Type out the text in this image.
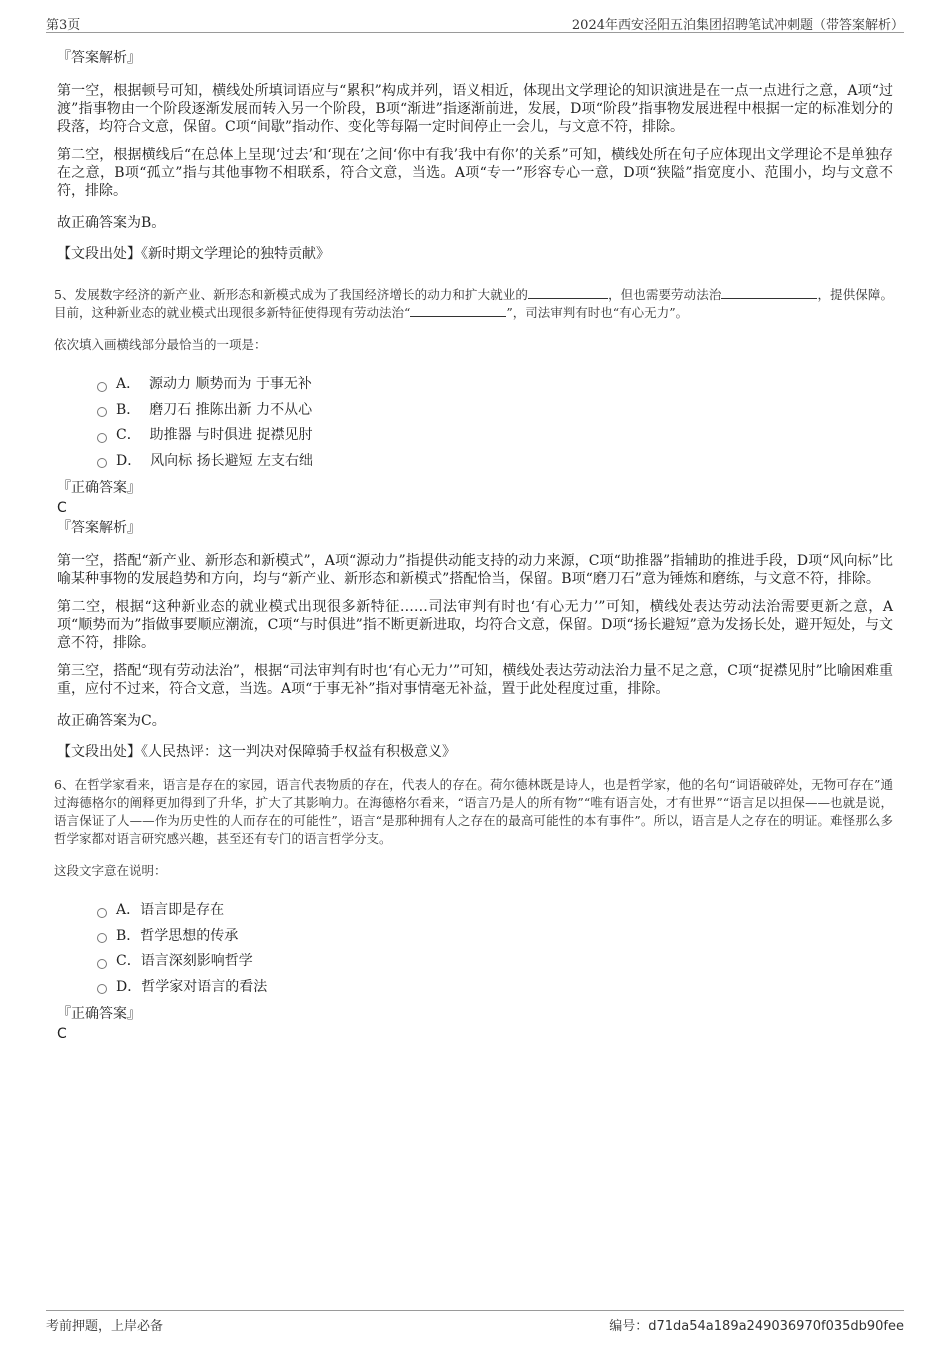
第3页	2024年西安泾阳五泊集团招聘笔试冲刺题（带答案解析）
『答案解析』

第一空，根据顿号可知，横线处所填词语应与“累积”构成并列，语义相近，体现出文学理论的知识演进是在一点一点进行之意，A项“过渡”指事物由一个阶段逐渐发展而转入另一个阶段，B项“渐进”指逐渐前进，发展，D项“阶段”指事物发展进程中根据一定的标准划分的段落，均符合文意，保留。C项“间歇”指动作、变化等每隔一定时间停止一会儿，与文意不符，排除。

第二空，根据横线后“在总体上呈现‘过去’和‘现在’之间‘你中有我’我中有你’的关系”可知，横线处所在句子应体现出文学理论不是单独存在之意，B项“孤立”指与其他事物不相联系，符合文意，当选。A项“专一”形容专心一意，D项“狭隘”指宽度小、范围小，均与文意不符，排除。

故正确答案为B。

【文段出处】《新时期文学理论的独特贡献》

5、发展数字经济的新产业、新形态和新模式成为了我国经济增长的动力和扩大就业的	，但也需要劳动法治	，提供保障。目前，这种新业态的就业模式出现很多新特征使得现有劳动法治“	”，司法审判有时也“有心无力”。

依次填入画横线部分最恰当的一项是：

A．  源动力 顺势而为 于事无补
B．  磨刀石 推陈出新 力不从心
C．  助推器 与时俱进 捉襟见肘
D．  风向标 扬长避短 左支右绌
『正确答案』
C
『答案解析』

第一空，搭配“新产业、新形态和新模式”，A项“源动力”指提供动能支持的动力来源，C项“助推器”指辅助的推进手段，D项“风向标”比喻某种事物的发展趋势和方向，均与“新产业、新形态和新模式”搭配恰当，保留。B项“磨刀石”意为锤炼和磨练，与文意不符，排除。

第二空，根据“这种新业态的就业模式出现很多新特征……司法审判有时也‘有心无力’”可知，横线处表达劳动法治需要更新之意，A项“顺势而为”指做事要顺应潮流，C项“与时俱进”指不断更新进取，均符合文意，保留。D项“扬长避短”意为发扬长处，避开短处，与文意不符，排除。

第三空，搭配“现有劳动法治”，根据“司法审判有时也‘有心无力’”可知，横线处表达劳动法治力量不足之意，C项“捉襟见肘”比喻困难重重，应付不过来，符合文意，当选。A项“于事无补”指对事情毫无补益，置于此处程度过重，排除。

故正确答案为C。

【文段出处】《人民热评：这一判决对保障骑手权益有积极意义》

6、在哲学家看来，语言是存在的家园，语言代表物质的存在，代表人的存在。荷尔德林既是诗人，也是哲学家，他的名句“词语破碎处，无物可存在”通过海德格尔的阐释更加得到了升华，扩大了其影响力。在海德格尔看来，“语言乃是人的所有物”“唯有语言处，才有世界”“语言足以担保——也就是说，语言保证了人——作为历史性的人而存在的可能性”，语言“是那种拥有人之存在的最高可能性的本有事件”。所以，语言是人之存在的明证。难怪那么多哲学家都对语言研究感兴趣，甚至还有专门的语言哲学分支。

这段文字意在说明：

A．语言即是存在
B．哲学思想的传承
C．语言深刻影响哲学
D．哲学家对语言的看法
『正确答案』
C
考前押题，上岸必备	编号：d71da54a189a249036970f035db90fee
